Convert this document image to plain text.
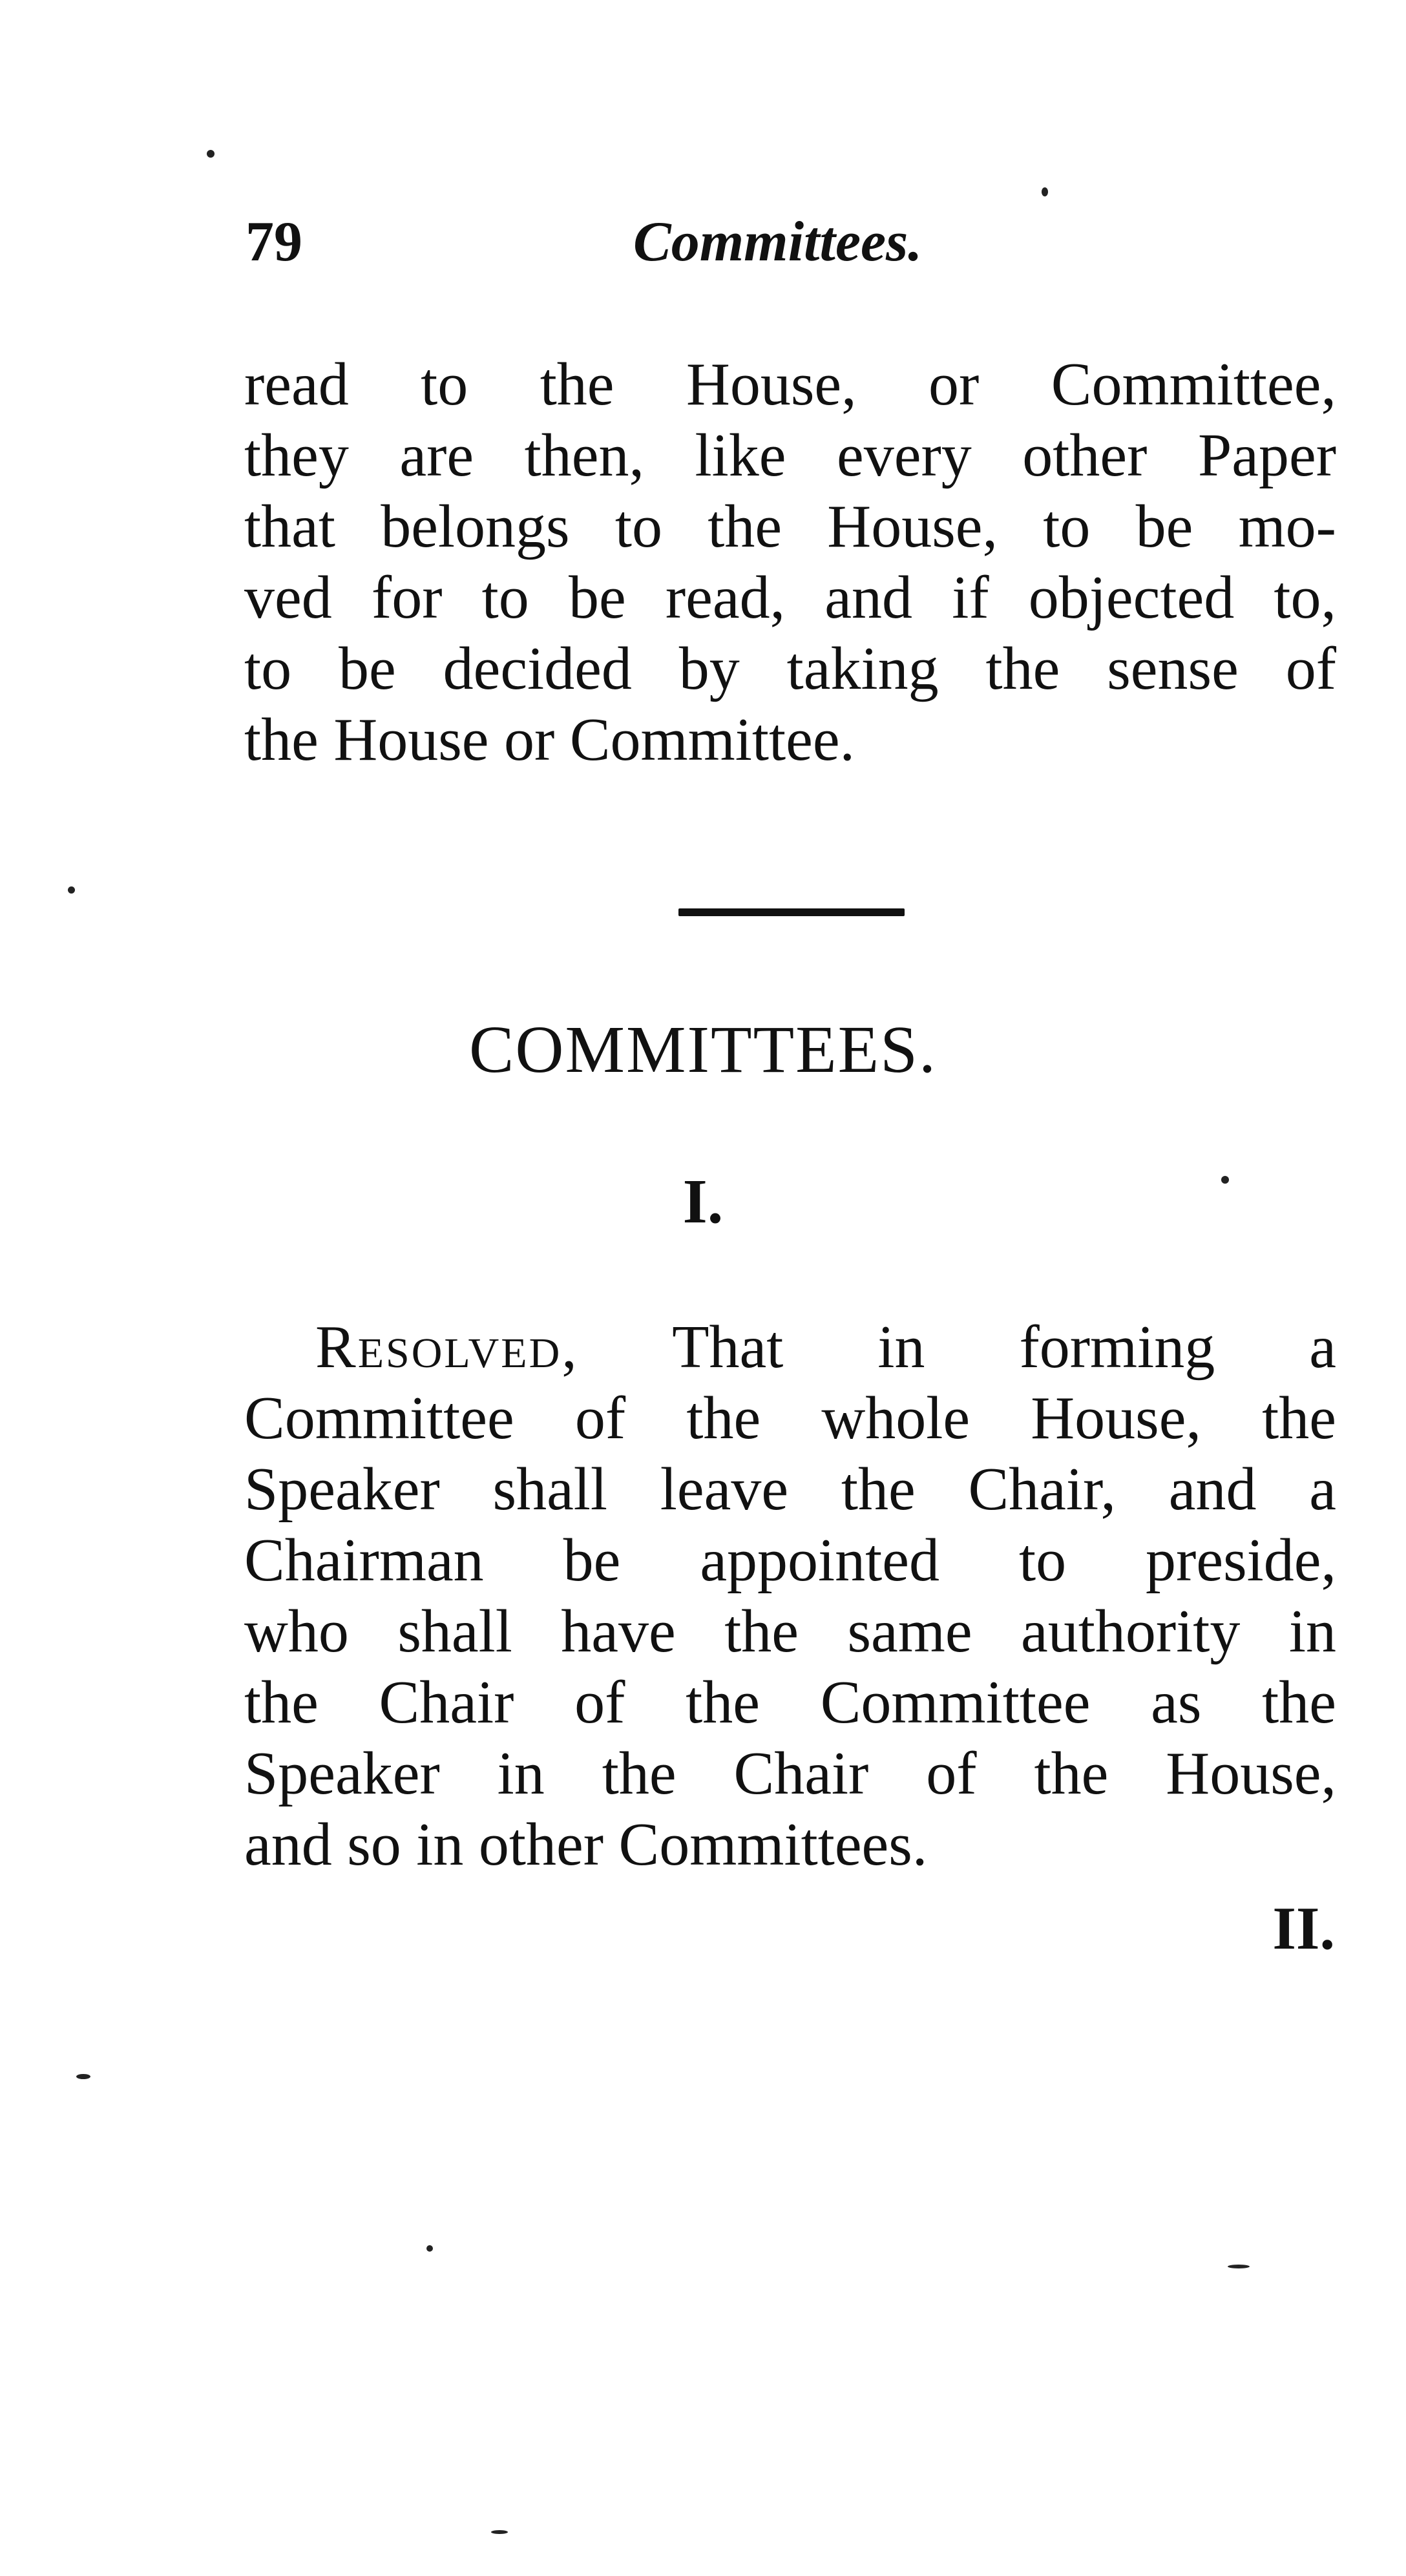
79	Committees.
read to the House, or Committee,
they are then, like every other Paper
that belongs to the House, to be mo-
ved for to be read, and if objected to,
to be decided by taking the sense of
the House or Committee.
COMMITTEES.
I.
Resolved, That in forming a
Committee of the whole House, the
Speaker shall leave the Chair, and a
Chairman be appointed to preside,
who shall have the same authority in
the Chair of the Committee as the
Speaker in the Chair of the House,
and so in other Committees.
II.
